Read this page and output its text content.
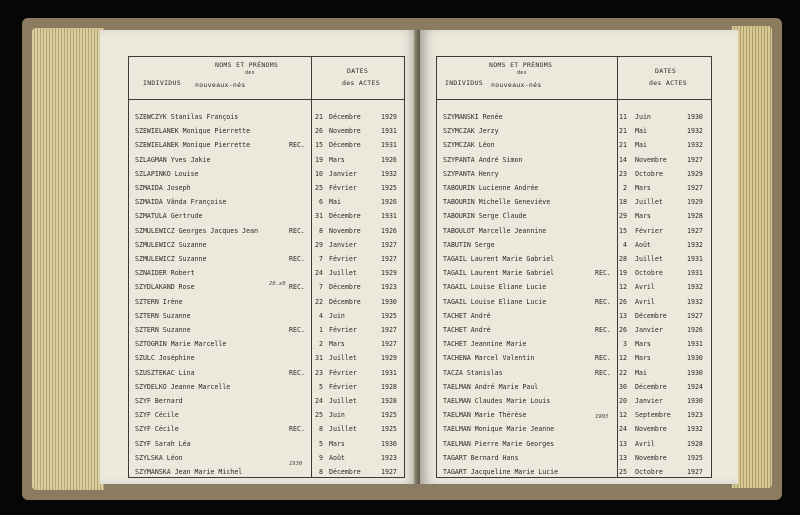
NOMS ET PRÉNOMS
des
INDIVIDUS nouveaux-nés
DATES
des ACTES
SZEWCZYK Stanilas François	21 Décembre	1929
SZEWIELANEK Monique Pierrette	26 Novembre	1931
SZEWIELANEK Monique Pierrette	REC.	15 Décembre	1931
SZLAGMAN Yves Jakie	19 Mars	1926
SZLAPINKO Louise	10 Janvier	1932
SZMAIDA Joseph	25 Février	1925
SZMAIDA Vânda Françoise	6 Mai	1926
SZMATULA Gertrude	31 Décembre	1931
SZMULEWICZ Georges Jacques Jean	REC.	8 Novembre	1926
SZMULEWICZ Suzanne	29 Janvier	1927
SZMULEWICZ Suzanne	REC.	7 Février	1927
SZNAIDER Robert	24 Juillet	1929
SZYDLAKAND Rose	REC.	7 Décembre	1923
SZTERN Irène	22 Décembre	1930
SZTERN Suzanne	4 Juin	1925
SZTERN Suzanne	REC.	1 Février	1927
SZTOGRIN Marie Marcelle	2 Mars	1927
SZULC Joséphine	31 Juillet	1929
SZUSZTEKAC Lina	REC.	23 Février	1931
SZYDELKO Jeanne Marcelle	5 Février	1928
SZYF Bernard	24 Juillet	1928
SZYF Cécile	25 Juin	1925
SZYF Cécile	REC.	8 Juillet	1925
SZYF Sarah Léa	5 Mars	1930
SZYLSKA Léon	9 Août	1923
SZYMANSKA Jean Marie Michel	8 Décembre	1927
1930
20.x0
NOMS ET PRÉNOMS
des
INDIVIDUS nouveaux-nés
DATES
des ACTES
SZYMANSKI Renée	11 Juin	1930
SZYMCZAK Jerzy	21 Mai	1932
SZYMCZAK Léon	21 Mai	1932
SZYPANTA André Simon	14 Novembre	1927
SZYPANTA Henry	23 Octobre	1929
TABOURIN Lucienne Andrée	2 Mars	1927
TABOURIN Michelle Geneviève	18 Juillet	1929
TABOURIN Serge Claude	29 Mars	1928
TABOULOT Marcelle Jeannine	15 Février	1927
TABUTIN Serge	4 Août	1932
TAGAIL Laurent Marie Gabriel	28 Juillet	1931
TAGAIL Laurent Marie Gabriel	REC.	19 Octobre	1931
TAGAIL Louise Eliane Lucie	12 Avril	1932
TAGAIL Louise Eliane Lucie	REC.	26 Avril	1932
TACHET André	13 Décembre	1927
TACHET André	REC.	26 Janvier	1926
TACHET Jeannine Marie	3 Mars	1931
TACHENA Marcel Valentin	REC.	12 Mars	1930
TACZA Stanislas	REC.	22 Mai	1930
TAELMAN André Marie Paul	30 Décembre	1924
TAELMAN Claudes Marie Louis	20 Janvier	1930
TAELMAN Marie Thérèse	12 Septembre 1923
TAELMAN Monique Marie Jeanne	24 Novembre	1932
TAELMAN Pierre Marie Georges	13 Avril	1928
TAGART Bernard Hans	13 Novembre	1925
TAGART Jacqueline Marie Lucie	25 Octobre	1927
1903
